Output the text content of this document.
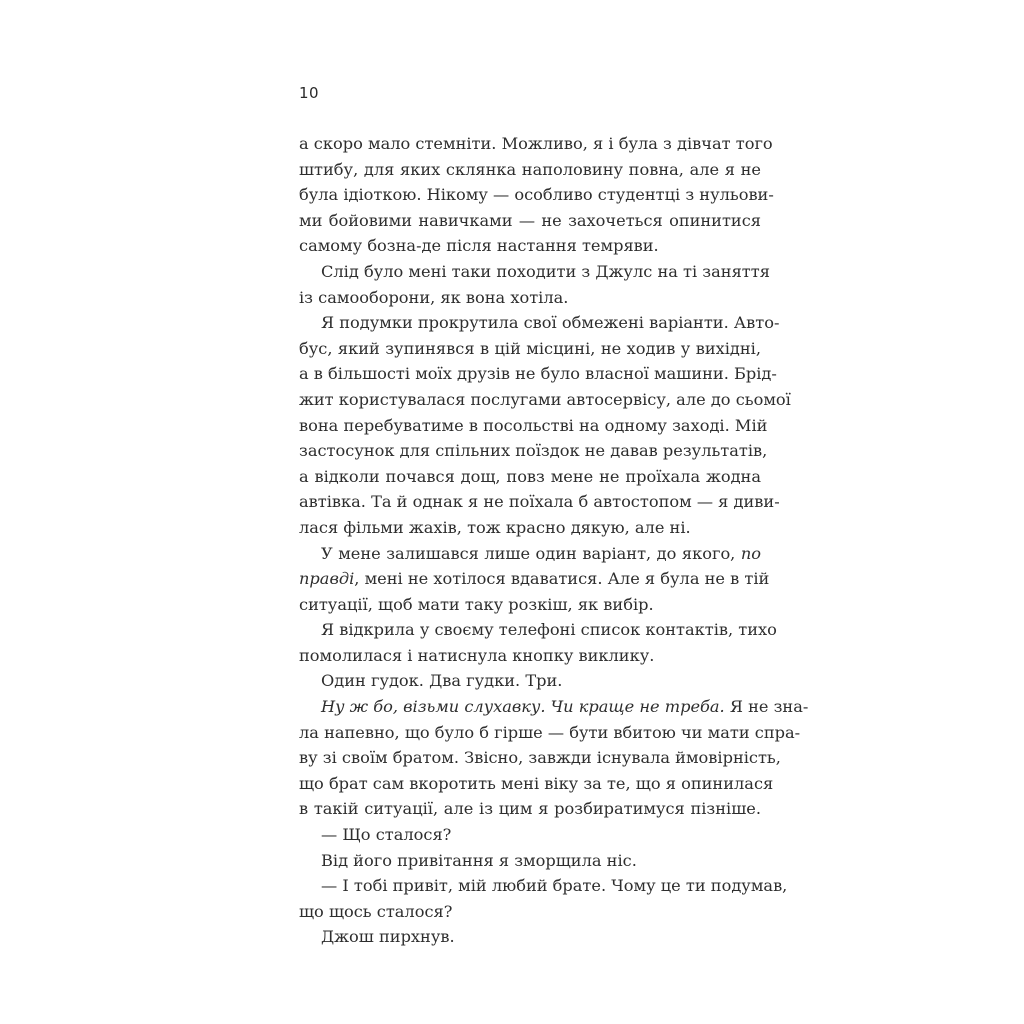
10
а скоро мало стемніти. Можливо, я і була з дівчат того
штибу, для яких склянка наполовину повна, але я не
була ідіоткою. Нікому — особливо студентці з нульови-
ми бойовими навичками — не захочеться опинитися
самому бозна-де після настання темряви.
Слід було мені таки походити з Джулс на ті заняття
із самооборони, як вона хотіла.
Я подумки прокрутила свої обмежені варіанти. Авто-
бус, який зупинявся в цій місцині, не ходив у вихідні,
а в більшості моїх друзів не було власної машини. Брід-
жит користувалася послугами автосервісу, але до сьомої
вона перебуватиме в посольстві на одному заході. Мій
застосунок для спільних поїздок не давав результатів,
а відколи почався дощ, повз мене не проїхала жодна
автівка. Та й однак я не поїхала б автостопом — я диви-
лася фільми жахів, тож красно дякую, але ні.
У мене залишався лише один варіант, до якого, по
правді, мені не хотілося вдаватися. Але я була не в тій
ситуації, щоб мати таку розкіш, як вибір.
Я відкрила у своєму телефоні список контактів, тихо
помолилася і натиснула кнопку виклику.
Один гудок. Два гудки. Три.
Ну ж бо, візьми слухавку. Чи краще не треба. Я не зна-
ла напевно, що було б гірше — бути вбитою чи мати спра-
ву зі своїм братом. Звісно, завжди існувала ймовірність,
що брат сам вкоротить мені віку за те, що я опинилася
в такій ситуації, але із цим я розбиратимуся пізніше.
— Що сталося?
Від його привітання я зморщила ніс.
— І тобі привіт, мій любий брате. Чому це ти подумав,
що щось сталося?
Джош пирхнув.
